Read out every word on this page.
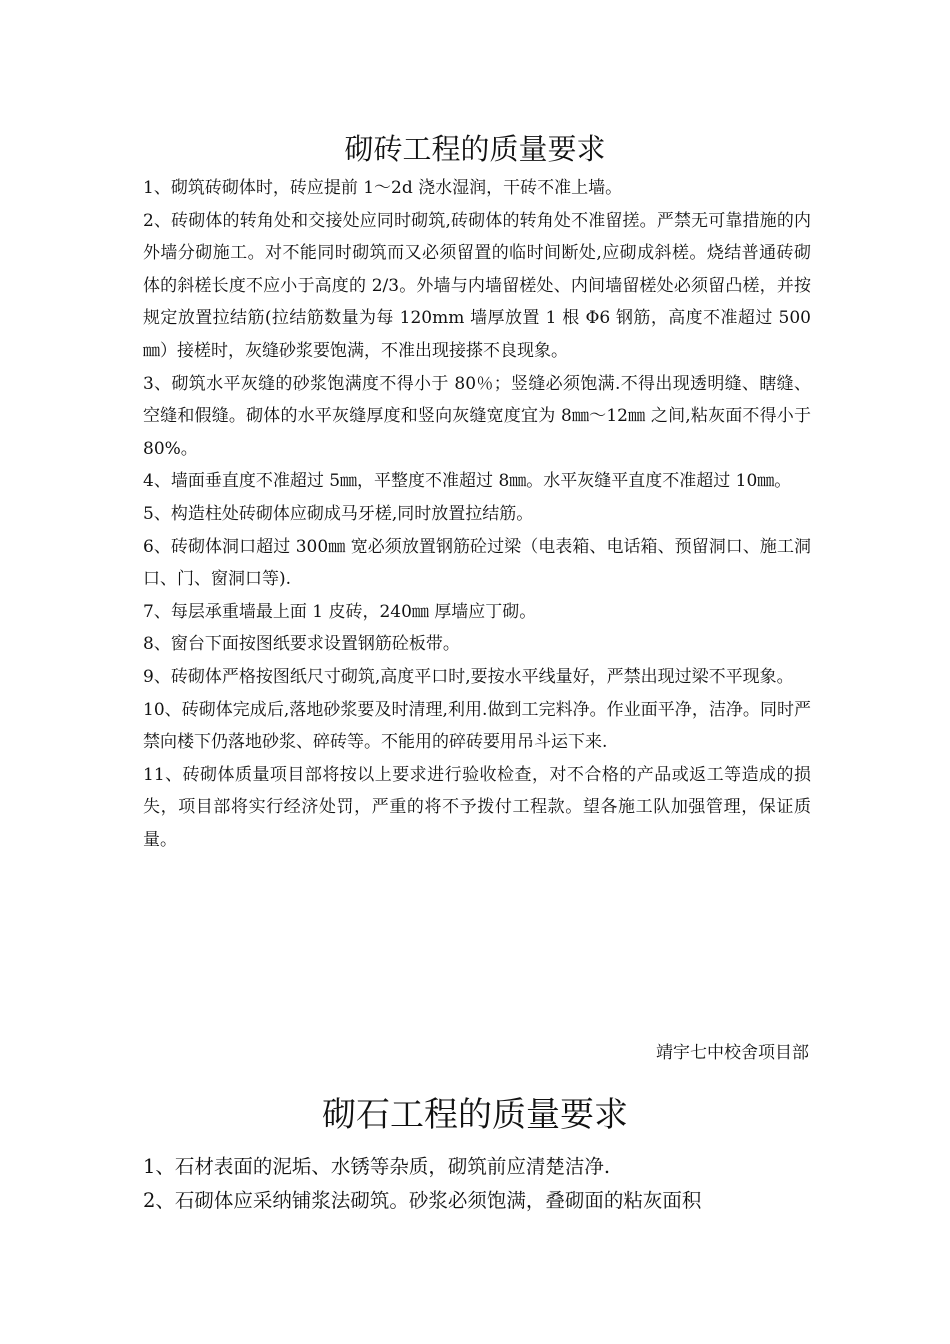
砌砖工程的质量要求

1、砌筑砖砌体时，砖应提前 1～2d 浇水湿润，干砖不准上墙。

2、砖砌体的转角处和交接处应同时砌筑,砖砌体的转角处不准留搓。严禁无可靠措施的内外墙分砌施工。对不能同时砌筑而又必须留置的临时间断处,应砌成斜槎。烧结普通砖砌体的斜槎长度不应小于高度的 2/3。外墙与内墙留槎处、内间墙留槎处必须留凸槎，并按规定放置拉结筋(拉结筋数量为每 120mm 墙厚放置 1 根 Φ6 钢筋，高度不准超过 500㎜）接槎时，灰缝砂浆要饱满，不准出现接搽不良现象。

3、砌筑水平灰缝的砂浆饱满度不得小于 80％；竖缝必须饱满.不得出现透明缝、瞎缝、空缝和假缝。砌体的水平灰缝厚度和竖向灰缝宽度宜为 8㎜～12㎜ 之间,粘灰面不得小于 80%。

4、墙面垂直度不准超过 5㎜，平整度不准超过 8㎜。水平灰缝平直度不准超过 10㎜。

5、构造柱处砖砌体应砌成马牙槎,同时放置拉结筋。

6、砖砌体洞口超过 300㎜ 宽必须放置钢筋砼过梁（电表箱、电话箱、预留洞口、施工洞口、门、窗洞口等).

7、每层承重墙最上面 1 皮砖，240㎜ 厚墙应丁砌。

8、窗台下面按图纸要求设置钢筋砼板带。

9、砖砌体严格按图纸尺寸砌筑,高度平口时,要按水平线量好，严禁出现过梁不平现象。

10、砖砌体完成后,落地砂浆要及时清理,利用.做到工完料净。作业面平净，洁净。同时严禁向楼下仍落地砂浆、碎砖等。不能用的碎砖要用吊斗运下来.

11、砖砌体质量项目部将按以上要求进行验收检查，对不合格的产品或返工等造成的损失，项目部将实行经济处罚，严重的将不予拨付工程款。望各施工队加强管理，保证质量。

靖宇七中校舍项目部
砌石工程的质量要求

1、石材表面的泥垢、水锈等杂质，砌筑前应清楚洁净.

2、石砌体应采纳铺浆法砌筑。砂浆必须饱满，叠砌面的粘灰面积
